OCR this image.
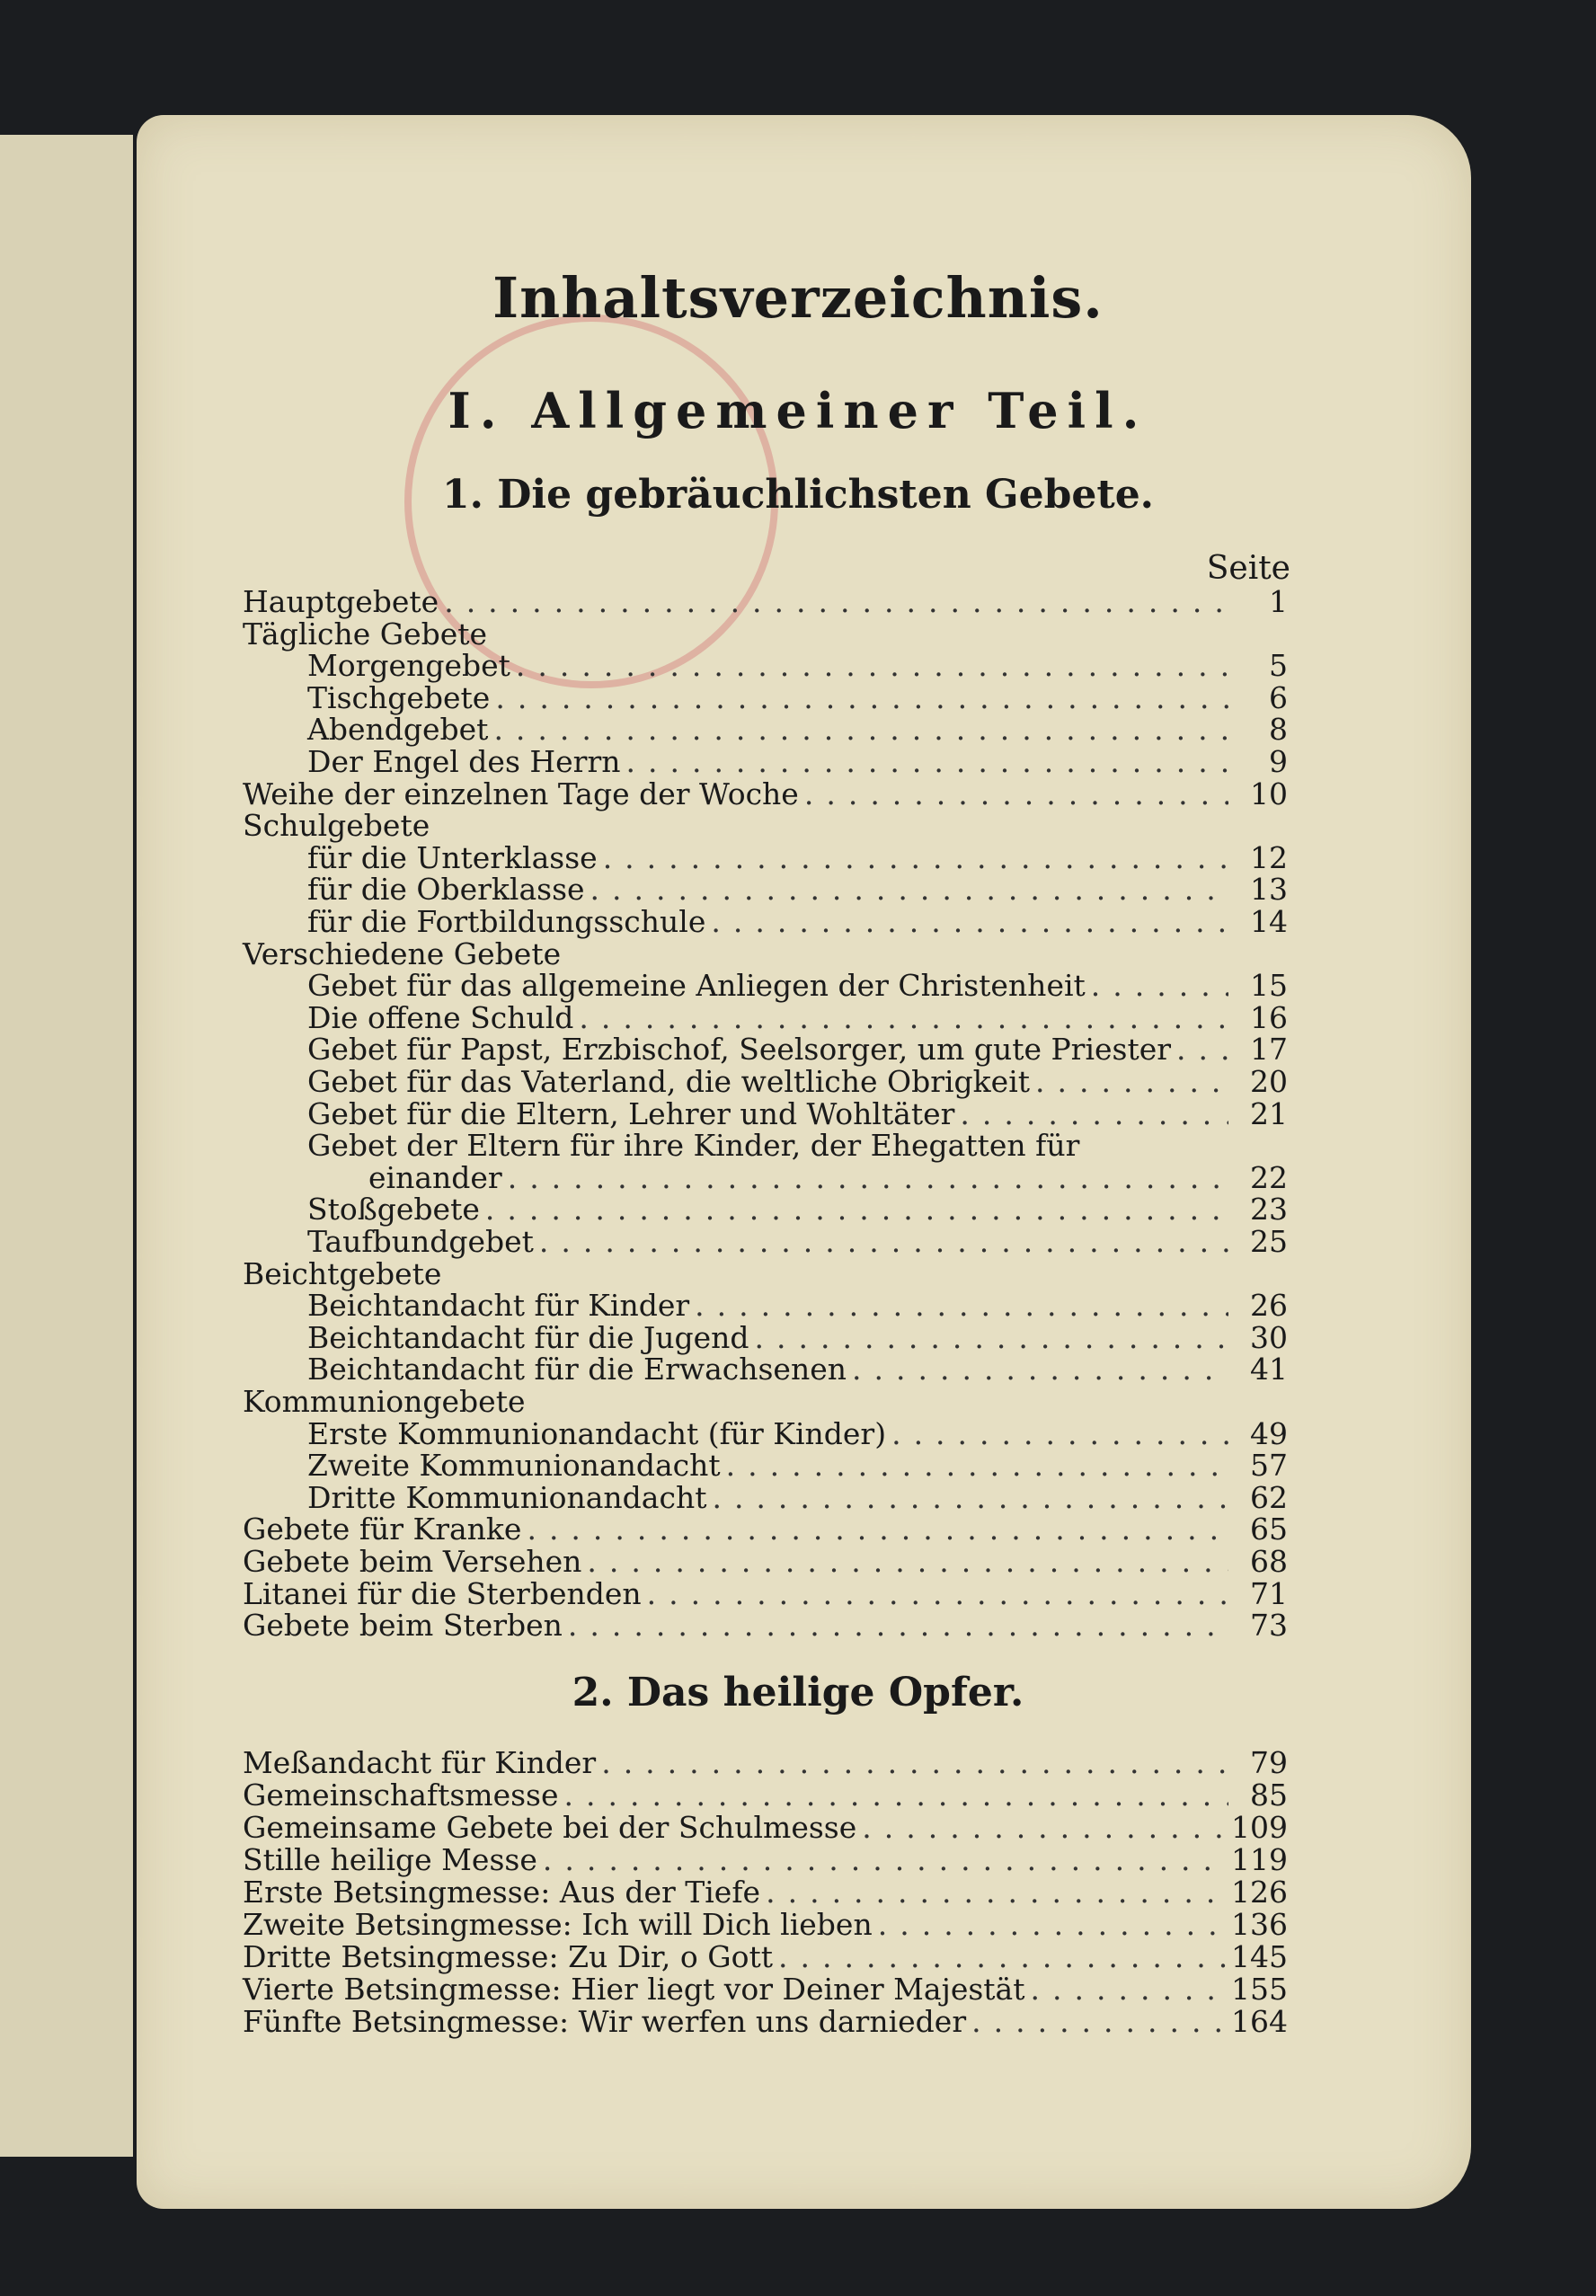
Inhaltsverzeichnis.
I. Allgemeiner Teil.
1. Die gebräuchlichsten Gebete.
Seite
Hauptgebete .....	1
Tägliche Gebete
Morgengebet .....	5
Tischgebete .....	6
Abendgebet .....	8
Der Engel des Herrn .....	9
Weihe der einzelnen Tage der Woche .....	10
Schulgebete
für die Unterklasse .....	12
für die Oberklasse .....	13
für die Fortbildungsschule .....	14
Verschiedene Gebete
Gebet für das allgemeine Anliegen der Christenheit .....	15
Die offene Schuld .....	16
Gebet für Papst, Erzbischof, Seelsorger, um gute Priester .....	17
Gebet für das Vaterland, die weltliche Obrigkeit .....	20
Gebet für die Eltern, Lehrer und Wohltäter .....	21
Gebet der Eltern für ihre Kinder, der Ehegatten für
einander .....	22
Stoßgebete .....	23
Taufbundgebet .....	25
Beichtgebete
Beichtandacht für Kinder .....	26
Beichtandacht für die Jugend .....	30
Beichtandacht für die Erwachsenen .....	41
Kommuniongebete
Erste Kommunionandacht (für Kinder) .....	49
Zweite Kommunionandacht .....	57
Dritte Kommunionandacht .....	62
Gebete für Kranke .....	65
Gebete beim Versehen .....	68
Litanei für die Sterbenden .....	71
Gebete beim Sterben .....	73
2. Das heilige Opfer.
Meßandacht für Kinder .....	79
Gemeinschaftsmesse .....	85
Gemeinsame Gebete bei der Schulmesse .....	109
Stille heilige Messe .....	119
Erste Betsingmesse: Aus der Tiefe .....	126
Zweite Betsingmesse: Ich will Dich lieben .....	136
Dritte Betsingmesse: Zu Dir, o Gott .....	145
Vierte Betsingmesse: Hier liegt vor Deiner Majestät .....	155
Fünfte Betsingmesse: Wir werfen uns darnieder .....	164
